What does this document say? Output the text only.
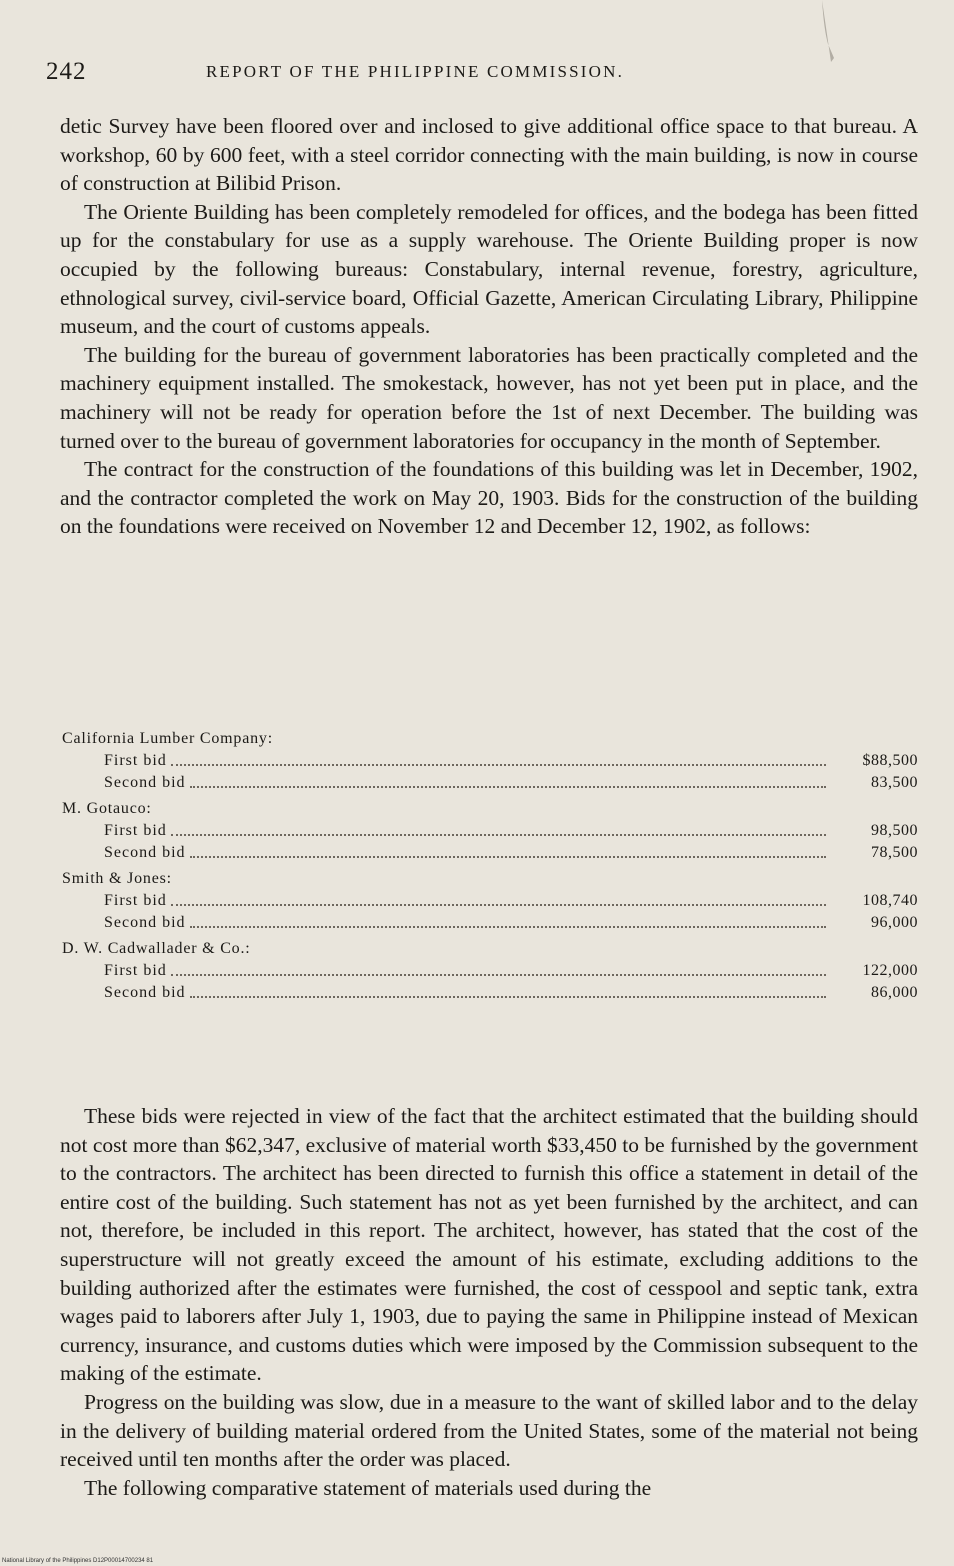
242	REPORT OF THE PHILIPPINE COMMISSION.

detic Survey have been floored over and inclosed to give additional office space to that bureau. A workshop, 60 by 600 feet, with a steel corridor connecting with the main building, is now in course of construction at Bilibid Prison.

The Oriente Building has been completely remodeled for offices, and the bodega has been fitted up for the constabulary for use as a supply warehouse. The Oriente Building proper is now occupied by the following bureaus: Constabulary, internal revenue, forestry, agriculture, ethnological survey, civil-service board, Official Gazette, American Circulating Library, Philippine museum, and the court of customs appeals.

The building for the bureau of government laboratories has been practically completed and the machinery equipment installed. The smokestack, however, has not yet been put in place, and the machinery will not be ready for operation before the 1st of next December. The building was turned over to the bureau of government laboratories for occupancy in the month of September.

The contract for the construction of the foundations of this building was let in December, 1902, and the contractor completed the work on May 20, 1903. Bids for the construction of the building on the foundations were received on November 12 and December 12, 1902, as follows:

California Lumber Company:
First bid	$88,500
Second bid	83,500
M. Gotauco:
First bid	98,500
Second bid	78,500
Smith & Jones:
First bid	108,740
Second bid	96,000
D. W. Cadwallader & Co.:
First bid	122,000
Second bid	86,000

These bids were rejected in view of the fact that the architect estimated that the building should not cost more than $62,347, exclusive of material worth $33,450 to be furnished by the government to the contractors. The architect has been directed to furnish this office a statement in detail of the entire cost of the building. Such statement has not as yet been furnished by the architect, and can not, therefore, be included in this report. The architect, however, has stated that the cost of the superstructure will not greatly exceed the amount of his estimate, excluding additions to the building authorized after the estimates were furnished, the cost of cesspool and septic tank, extra wages paid to laborers after July 1, 1903, due to paying the same in Philippine instead of Mexican currency, insurance, and customs duties which were imposed by the Commission subsequent to the making of the estimate.

Progress on the building was slow, due in a measure to the want of skilled labor and to the delay in the delivery of building material ordered from the United States, some of the material not being received until ten months after the order was placed.

The following comparative statement of materials used during the

National Library of the Philippines D12P00014700234 81
